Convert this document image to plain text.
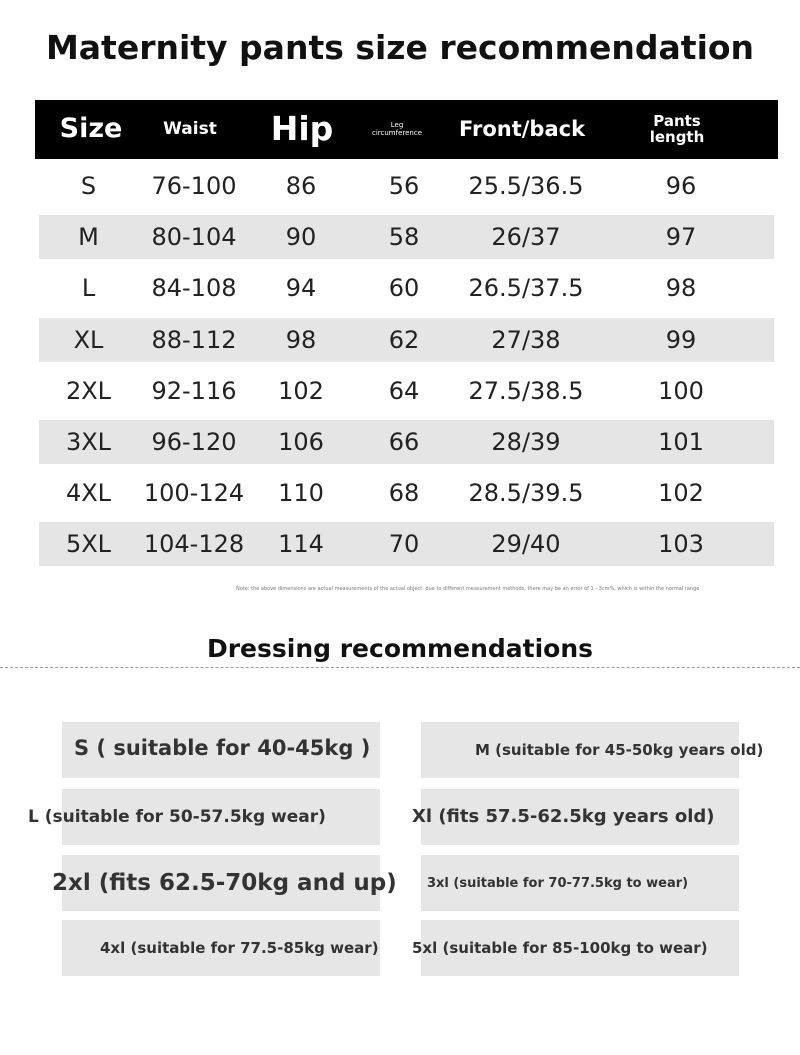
Maternity pants size recommendation
Size	Waist	Hip	Leg circumference	Front/back	Pants length
S	76-100	86	56	25.5/36.5	96
M	80-104	90	58	26/37	97
L	84-108	94	60	26.5/37.5	98
XL	88-112	98	62	27/38	99
2XL	92-116	102	64	27.5/38.5	100
3XL	96-120	106	66	28/39	101
4XL	100-124	110	68	28.5/39.5	102
5XL	104-128	114	70	29/40	103
Note: the above dimensions are actual measurements of the actual object. due to different measurement methods, there may be an error of 1 - 3cm%, which is within the normal range
Dressing recommendations
S ( suitable for 40-45kg )	M (suitable for 45-50kg years old)
L (suitable for 50-57.5kg wear)	Xl (fits 57.5-62.5kg years old)
2xl (fits 62.5-70kg and up) 3xl (suitable for 70-77.5kg to wear)
4xl (suitable for 77.5-85kg wear) 5xl (suitable for 85-100kg to wear)
